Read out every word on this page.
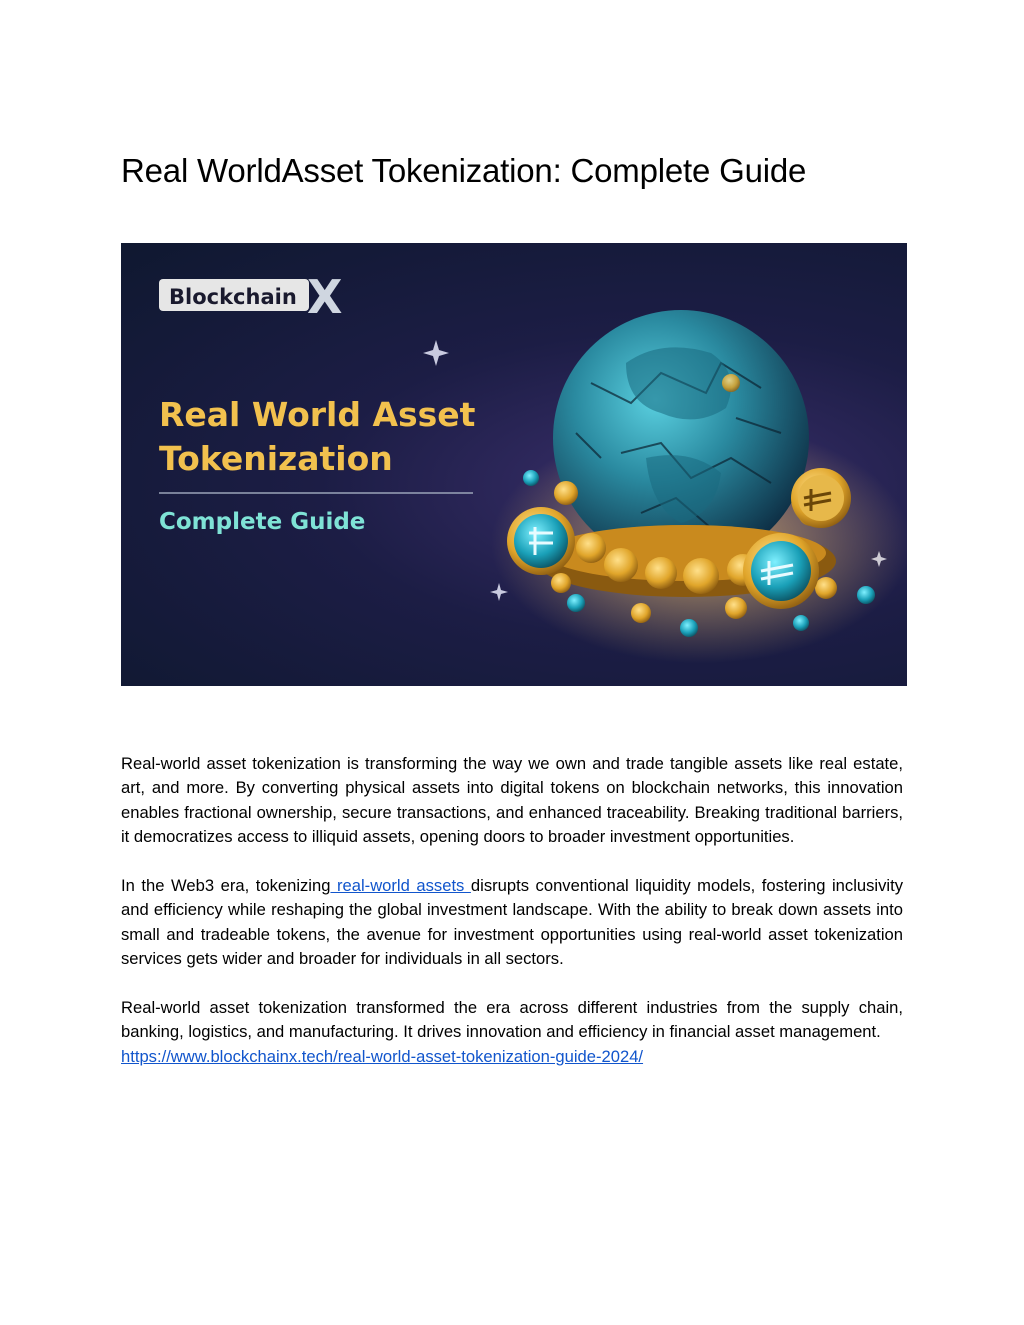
Real WorldAsset Tokenization: Complete Guide
Blockchain X
Real World Asset
Tokenization
Complete Guide

Real-world asset tokenization is transforming the way we own and trade tangible assets like real estate, art, and more. By converting physical assets into digital tokens on blockchain networks, this innovation enables fractional ownership, secure transactions, and enhanced traceability. Breaking traditional barriers, it democratizes access to illiquid assets, opening doors to broader investment opportunities.

In the Web3 era, tokenizing real-world assets disrupts conventional liquidity models, fostering inclusivity and efficiency while reshaping the global investment landscape. With the ability to break down assets into small and tradeable tokens, the avenue for investment opportunities using real-world asset tokenization services gets wider and broader for individuals in all sectors.

Real-world asset tokenization transformed the era across different industries from the supply chain, banking, logistics, and manufacturing. It drives innovation and efficiency in financial asset management.

https://www.blockchainx.tech/real-world-asset-tokenization-guide-2024/
